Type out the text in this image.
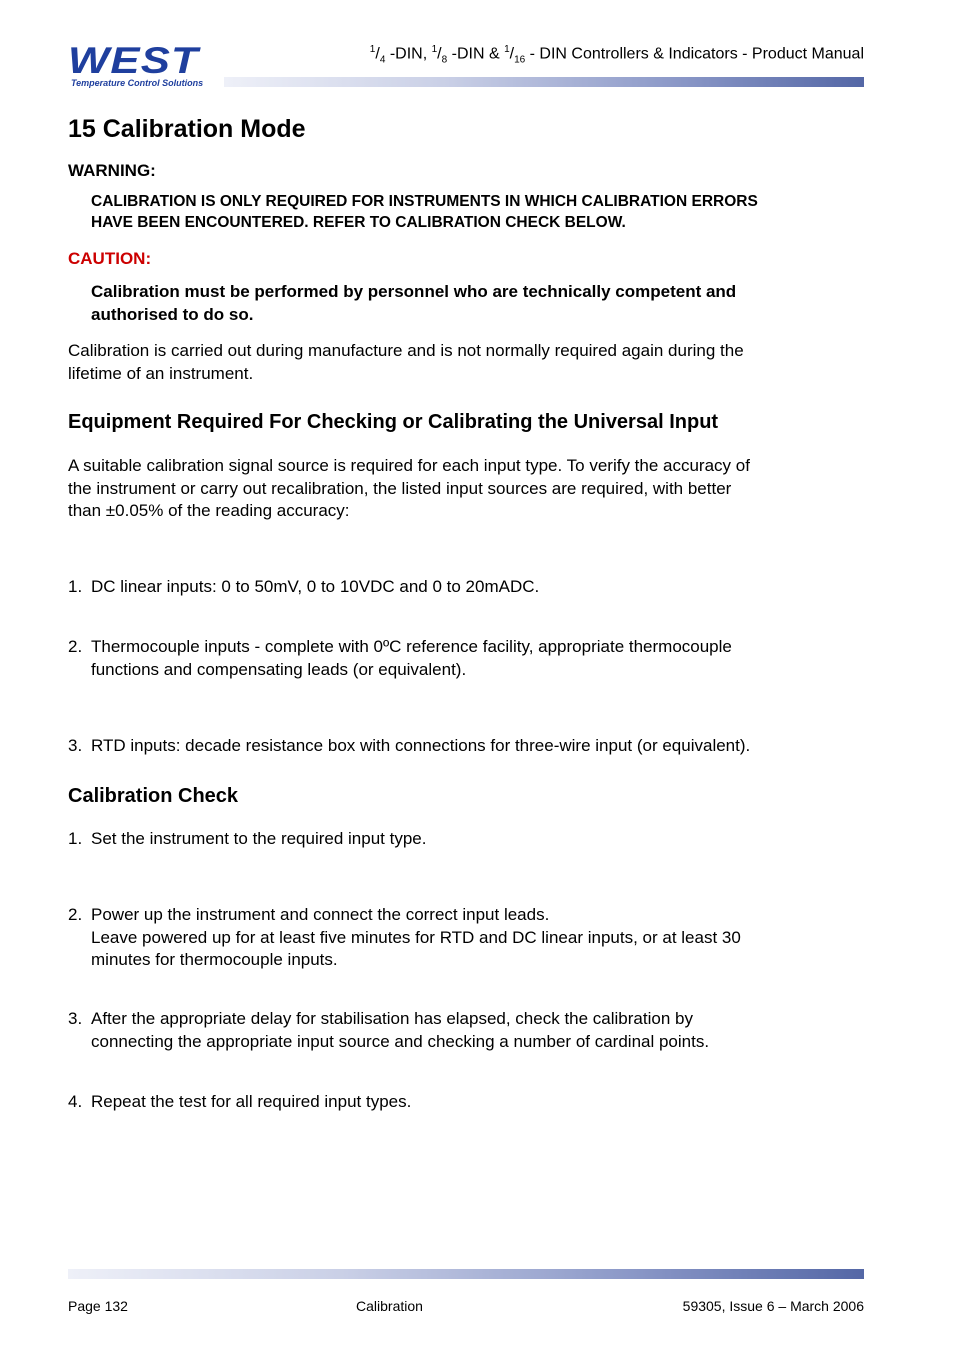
WEST
Temperature Control Solutions
$^1/_4$ -DIN, $^1/_8$ -DIN & $^1/_{16}$ - DIN Controllers & Indicators - Product Manual
15 Calibration Mode
WARNING:
CALIBRATION IS ONLY REQUIRED FOR INSTRUMENTS IN WHICH CALIBRATION ERRORS
HAVE BEEN ENCOUNTERED. REFER TO CALIBRATION CHECK BELOW.
CAUTION:
Calibration must be performed by personnel who are technically competent and
authorised to do so.
Calibration is carried out during manufacture and is not normally required again during the
lifetime of an instrument.
Equipment Required For Checking or Calibrating the Universal Input
A suitable calibration signal source is required for each input type. To verify the accuracy of
the instrument or carry out recalibration, the listed input sources are required, with better
than ±0.05% of the reading accuracy:
1. DC linear inputs: 0 to 50mV, 0 to 10VDC and 0 to 20mADC.
2. Thermocouple inputs - complete with 0ºC reference facility, appropriate thermocouple
functions and compensating leads (or equivalent).
3. RTD inputs: decade resistance box with connections for three-wire input (or equivalent).
Calibration Check
1. Set the instrument to the required input type.
2. Power up the instrument and connect the correct input leads.
Leave powered up for at least five minutes for RTD and DC linear inputs, or at least 30
minutes for thermocouple inputs.
3. After the appropriate delay for stabilisation has elapsed, check the calibration by
connecting the appropriate input source and checking a number of cardinal points.
4. Repeat the test for all required input types.
Page 132	Calibration	59305, Issue 6 – March 2006
